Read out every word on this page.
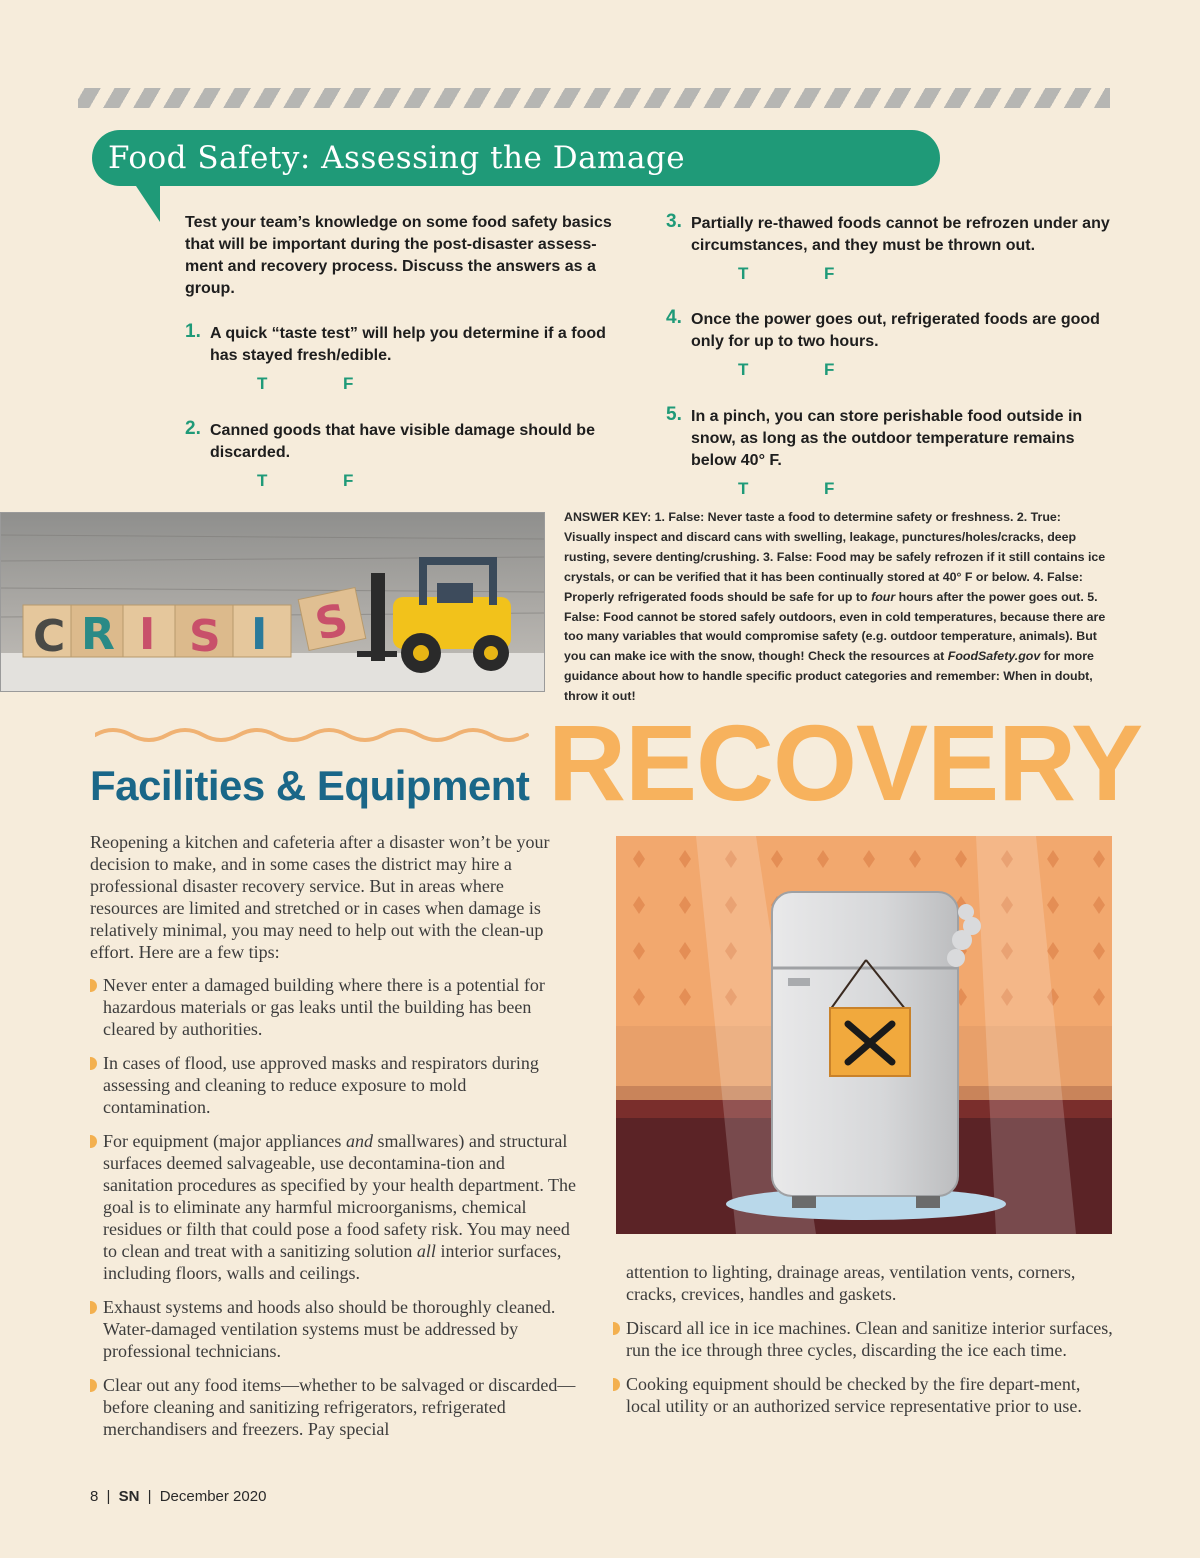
Food Safety: Assessing the Damage

Test your team’s knowledge on some food safety basics that will be important during the post-disaster assess-ment and recovery process. Discuss the answers as a group.

1. A quick “taste test” will help you determine if a food has stayed fresh/edible.
T	F
2. Canned goods that have visible damage should be discarded.
T	F
3. Partially re-thawed foods cannot be refrozen under any circumstances, and they must be thrown out.
T	F
4. Once the power goes out, refrigerated foods are good only for up to two hours.
T	F
5. In a pinch, you can store perishable food outside in snow, as long as the outdoor temperature remains below 40° F.
T	F
C R I S I S

ANSWER KEY: 1. False: Never taste a food to determine safety or freshness. 2. True: Visually inspect and discard cans with swelling, leakage, punctures/holes/cracks, deep rusting, severe denting/crushing. 3. False: Food may be safely refrozen if it still contains ice crystals, or can be verified that it has been continually stored at 40° F or below. 4. False: Properly refrigerated foods should be safe for up to four hours after the power goes out. 5. False: Food cannot be stored safely outdoors, even in cold temperatures, because there are too many variables that would compromise safety (e.g. outdoor temperature, animals). But you can make ice with the snow, though! Check the resources at FoodSafety.gov for more guidance about how to handle specific product categories and remember: When in doubt, throw it out!

RECOVERY
Facilities & Equipment

Reopening a kitchen and cafeteria after a disaster won’t be your decision to make, and in some cases the district may hire a professional disaster recovery service. But in areas where resources are limited and stretched or in cases when damage is relatively minimal, you may need to help out with the clean-up effort. Here are a few tips:

Never enter a damaged building where there is a potential for hazardous materials or gas leaks until the building has been cleared by authorities.
In cases of flood, use approved masks and respirators during assessing and cleaning to reduce exposure to mold contamination.
For equipment (major appliances and smallwares) and structural surfaces deemed salvageable, use decontamina-tion and sanitation procedures as specified by your health department. The goal is to eliminate any harmful microorganisms, chemical residues or filth that could pose a food safety risk. You may need to clean and treat with a sanitizing solution all interior surfaces, including floors, walls and ceilings.
Exhaust systems and hoods also should be thoroughly cleaned. Water-damaged ventilation systems must be addressed by professional technicians.
Clear out any food items—whether to be salvaged or discarded—before cleaning and sanitizing refrigerators, refrigerated merchandisers and freezers. Pay special

attention to lighting, drainage areas, ventilation vents, corners, cracks, crevices, handles and gaskets.

Discard all ice in ice machines. Clean and sanitize interior surfaces, run the ice through three cycles, discarding the ice each time.
Cooking equipment should be checked by the fire depart-ment, local utility or an authorized service representative prior to use.
8 | SN | December 2020
